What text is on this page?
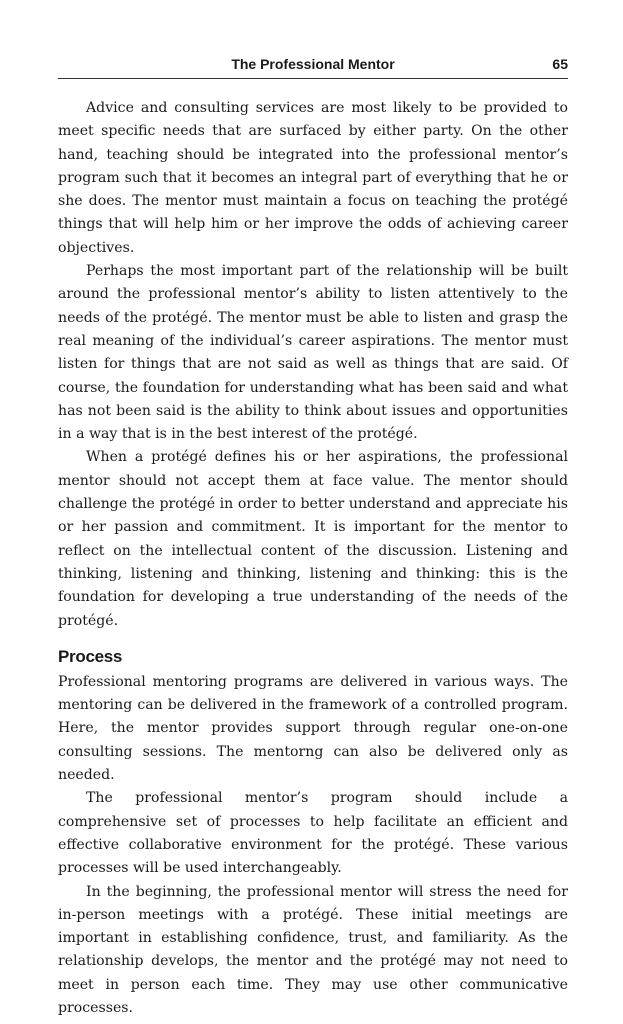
The Professional Mentor	65

Advice and consulting services are most likely to be provided to meet specific needs that are surfaced by either party. On the other hand, teaching should be integrated into the professional mentor’s program such that it becomes an integral part of everything that he or she does. The mentor must maintain a focus on teaching the protégé things that will help him or her improve the odds of achieving career objectives.

Perhaps the most important part of the relationship will be built around the professional mentor’s ability to listen attentively to the needs of the protégé. The mentor must be able to listen and grasp the real meaning of the individual’s career aspirations. The mentor must listen for things that are not said as well as things that are said. Of course, the foundation for understanding what has been said and what has not been said is the ability to think about issues and opportunities in a way that is in the best interest of the protégé.

When a protégé defines his or her aspirations, the professional mentor should not accept them at face value. The mentor should challenge the protégé in order to better understand and appreciate his or her passion and commitment. It is important for the mentor to reflect on the intellectual content of the discussion. Listening and thinking, listening and thinking, listening and thinking: this is the foundation for developing a true understanding of the needs of the protégé.

Process

Professional mentoring programs are delivered in various ways. The mentoring can be delivered in the framework of a controlled program. Here, the mentor provides support through regular one-on-one consulting sessions. The mentorng can also be delivered only as needed.

The professional mentor’s program should include a comprehensive set of processes to help facilitate an efficient and effective collaborative environment for the protégé. These various processes will be used interchangeably.

In the beginning, the professional mentor will stress the need for in-person meetings with a protégé. These initial meetings are important in establishing confidence, trust, and familiarity. As the relationship develops, the mentor and the protégé may not need to meet in person each time. They may use other communicative processes.
